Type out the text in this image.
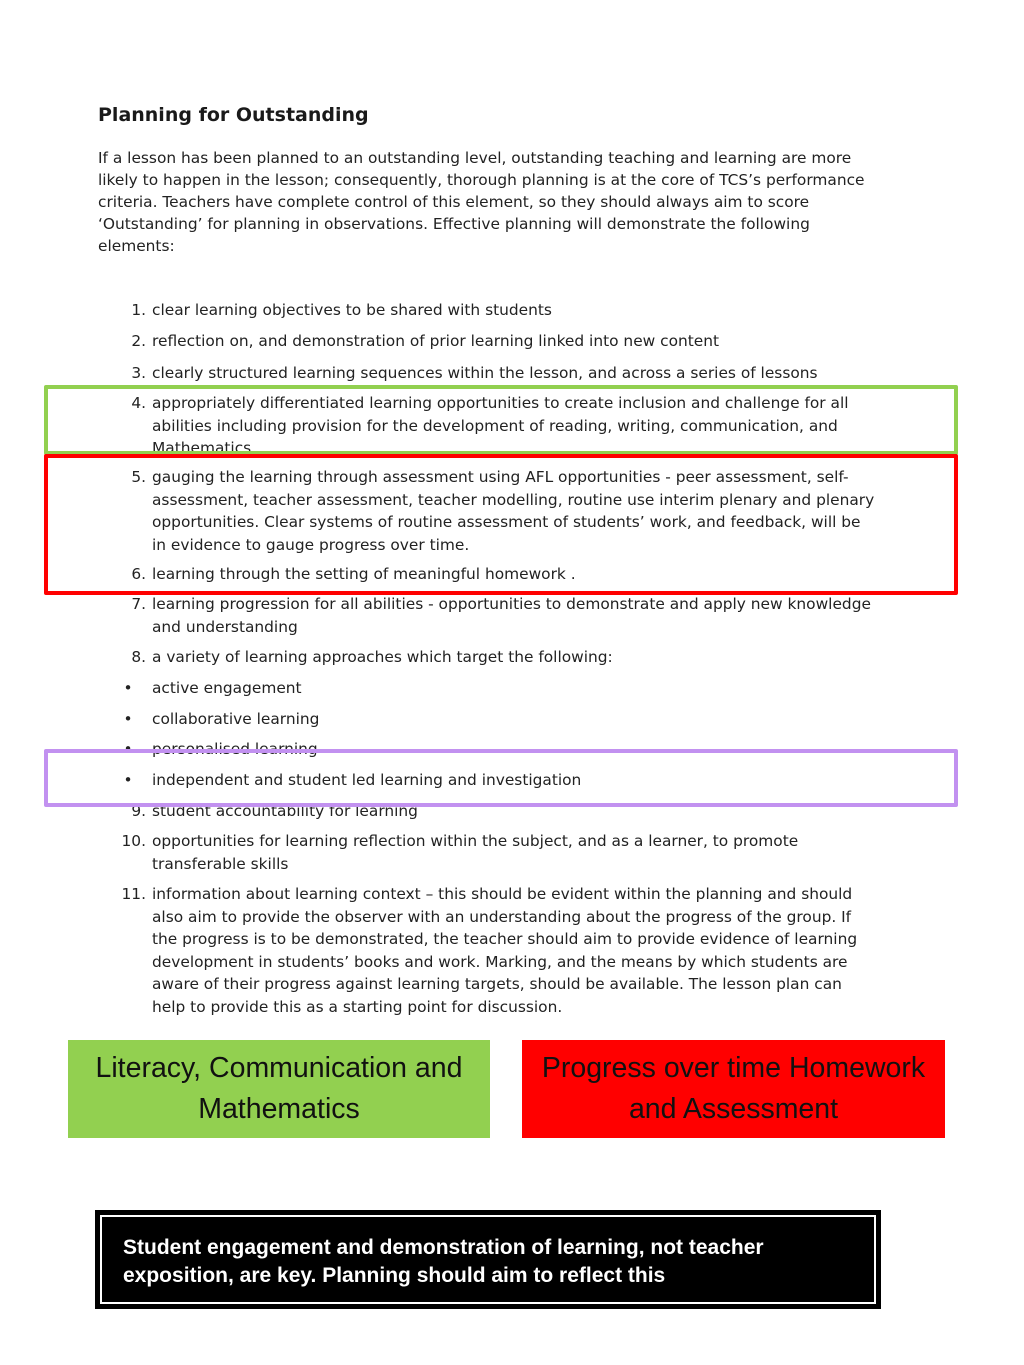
Planning for Outstanding

If a lesson has been planned to an outstanding level, outstanding teaching and learning are more likely to happen in the lesson; consequently, thorough planning is at the core of TCS’s performance criteria. Teachers have complete control of this element, so they should always aim to score ‘Outstanding’ for planning in observations. Effective planning will demonstrate the following elements:

1. clear learning objectives to be shared with students
2. reflection on, and demonstration of prior learning linked into new content
3. clearly structured learning sequences within the lesson, and across a series of lessons
4. appropriately differentiated learning opportunities to create inclusion and challenge for all abilities including provision for the development of reading, writing, communication, and Mathematics.
5. gauging the learning through assessment using AFL opportunities - peer assessment, self-assessment, teacher assessment, teacher modelling, routine use interim plenary and plenary opportunities. Clear systems of routine assessment of students’ work, and feedback, will be in evidence to gauge progress over time.
6. learning through the setting of meaningful homework .
7. learning progression for all abilities - opportunities to demonstrate and apply new knowledge and understanding
8. a variety of learning approaches which target the following:
• active engagement
• collaborative learning
• personalised learning
• independent and student led learning and investigation
9. student accountability for learning
10. opportunities for learning reflection within the subject, and as a learner, to promote transferable skills
11. information about learning context – this should be evident within the planning and should also aim to provide the observer with an understanding about the progress of the group. If the progress is to be demonstrated, the teacher should aim to provide evidence of learning development in students’ books and work. Marking, and the means by which students are aware of their progress against learning targets, should be available. The lesson plan can help to provide this as a starting point for discussion.
Literacy, Communication and Mathematics
Progress over time Homework and Assessment
Student engagement and demonstration of learning, not teacher exposition, are key. Planning should aim to reflect this
